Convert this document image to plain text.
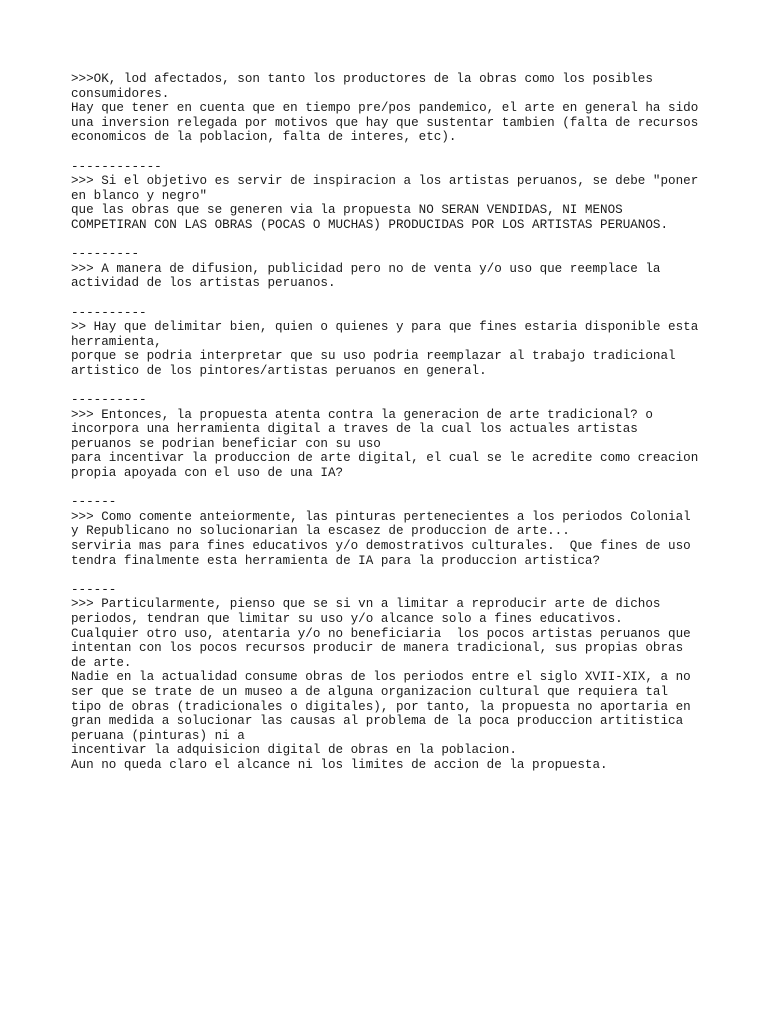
>>>OK, lod afectados, son tanto los productores de la obras como los posibles
consumidores.
Hay que tener en cuenta que en tiempo pre/pos pandemico, el arte en general ha sido
una inversion relegada por motivos que hay que sustentar tambien (falta de recursos
economicos de la poblacion, falta de interes, etc).
------------
>>> Si el objetivo es servir de inspiracion a los artistas peruanos, se debe "poner
en blanco y negro"
que las obras que se generen via la propuesta NO SERAN VENDIDAS, NI MENOS
COMPETIRAN CON LAS OBRAS (POCAS O MUCHAS) PRODUCIDAS POR LOS ARTISTAS PERUANOS.
---------
>>> A manera de difusion, publicidad pero no de venta y/o uso que reemplace la
actividad de los artistas peruanos.
----------
>> Hay que delimitar bien, quien o quienes y para que fines estaria disponible esta
herramienta,
porque se podria interpretar que su uso podria reemplazar al trabajo tradicional
artistico de los pintores/artistas peruanos en general.
----------
>>> Entonces, la propuesta atenta contra la generacion de arte tradicional? o
incorpora una herramienta digital a traves de la cual los actuales artistas
peruanos se podrian beneficiar con su uso
para incentivar la produccion de arte digital, el cual se le acredite como creacion
propia apoyada con el uso de una IA?
------
>>> Como comente anteiormente, las pinturas pertenecientes a los periodos Colonial
y Republicano no solucionarian la escasez de produccion de arte...
serviria mas para fines educativos y/o demostrativos culturales.  Que fines de uso
tendra finalmente esta herramienta de IA para la produccion artistica?
------
>>> Particularmente, pienso que se si vn a limitar a reproducir arte de dichos
periodos, tendran que limitar su uso y/o alcance solo a fines educativos.
Cualquier otro uso, atentaria y/o no beneficiaria  los pocos artistas peruanos que
intentan con los pocos recursos producir de manera tradicional, sus propias obras
de arte.
Nadie en la actualidad consume obras de los periodos entre el siglo XVII-XIX, a no
ser que se trate de un museo a de alguna organizacion cultural que requiera tal
tipo de obras (tradicionales o digitales), por tanto, la propuesta no aportaria en
gran medida a solucionar las causas al problema de la poca produccion artitistica
peruana (pinturas) ni a
incentivar la adquisicion digital de obras en la poblacion.
Aun no queda claro el alcance ni los limites de accion de la propuesta.
